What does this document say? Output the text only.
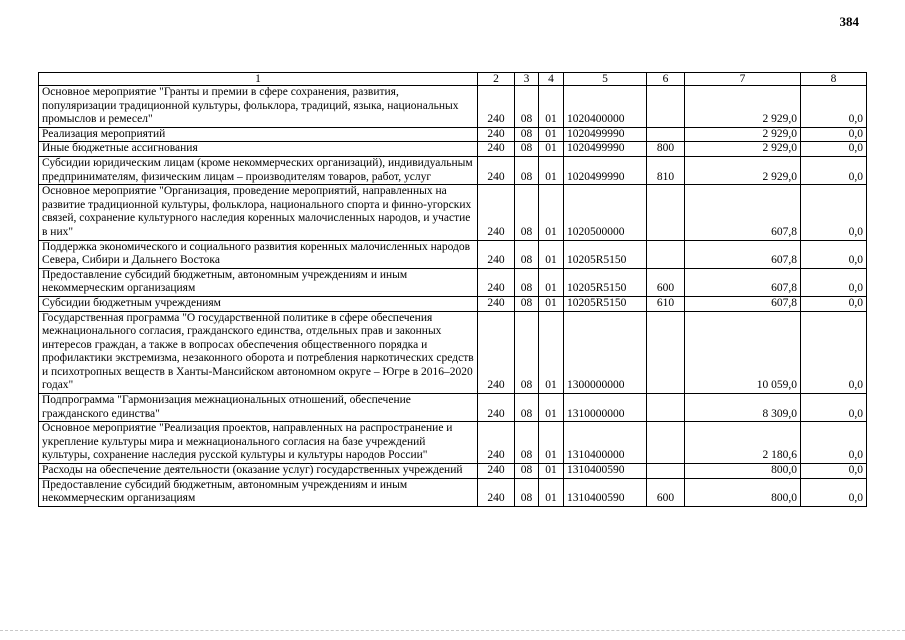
384
1	2	3	4	5	6	7	8
Основное мероприятие "Гранты и премии в сфере сохранения, развития, популяризации традиционной культуры, фольклора, традиций, языка, национальных промыслов и ремесел"	240	08	01	1020400000		2 929,0	0,0
Реализация мероприятий	240	08	01	1020499990		2 929,0	0,0
Иные бюджетные ассигнования	240	08	01	1020499990	800	2 929,0	0,0
Субсидии юридическим лицам (кроме некоммерческих организаций), индивидуальным предпринимателям, физическим лицам – производителям товаров, работ, услуг	240	08	01	1020499990	810	2 929,0	0,0
Основное мероприятие "Организация, проведение мероприятий, направленных на развитие традиционной культуры, фольклора, национального спорта и финно-угорских связей, сохранение культурного наследия коренных малочисленных народов, и участие в них"	240	08	01	1020500000		607,8	0,0
Поддержка экономического и социального развития коренных малочисленных народов Севера, Сибири и Дальнего Востока	240	08	01	10205R5150		607,8	0,0
Предоставление субсидий бюджетным, автономным учреждениям и иным некоммерческим организациям	240	08	01	10205R5150	600	607,8	0,0
Субсидии бюджетным учреждениям	240	08	01	10205R5150	610	607,8	0,0
Государственная программа "О государственной политике в сфере обеспечения межнационального согласия, гражданского единства, отдельных прав и законных интересов граждан, а также в вопросах обеспечения общественного порядка и профилактики экстремизма, незаконного оборота и потребления наркотических средств и психотропных веществ в Ханты-Мансийском автономном округе – Югре в 2016–2020 годах"	240	08	01	1300000000		10 059,0	0,0
Подпрограмма "Гармонизация межнациональных отношений, обеспечение гражданского единства"	240	08	01	1310000000		8 309,0	0,0
Основное мероприятие "Реализация проектов, направленных на распространение и укрепление культуры мира и межнационального согласия на базе учреждений культуры, сохранение наследия русской культуры и культуры народов России"	240	08	01	1310400000		2 180,6	0,0
Расходы на обеспечение деятельности (оказание услуг) государственных учреждений	240	08	01	1310400590		800,0	0,0
Предоставление субсидий бюджетным, автономным учреждениям и иным некоммерческим организациям	240	08	01	1310400590	600	800,0	0,0
